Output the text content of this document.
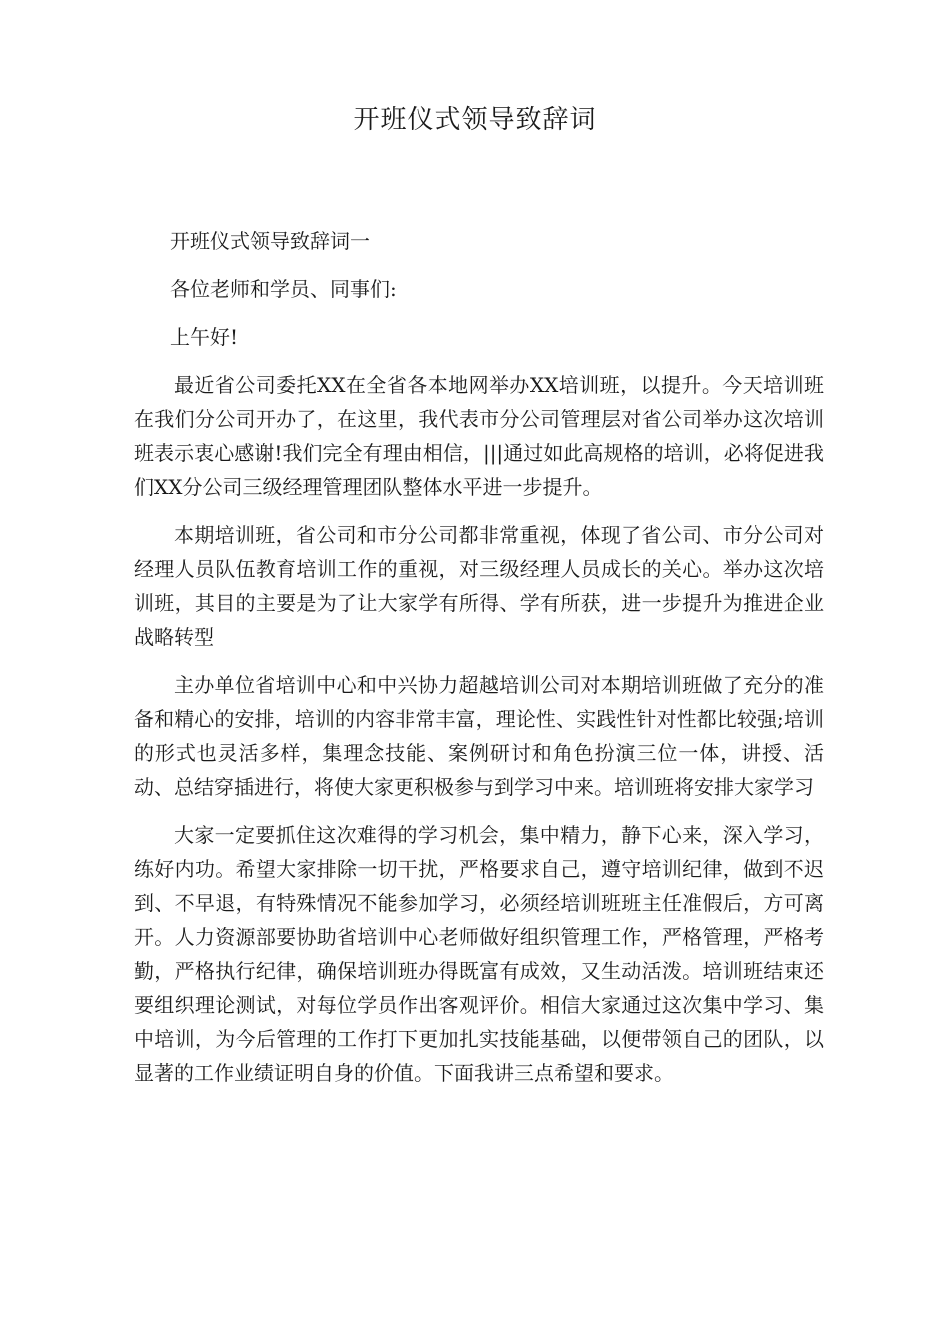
开班仪式领导致辞词

开班仪式领导致辞词一

各位老师和学员、同事们:

上午好!

最近省公司委托XX在全省各本地网举办XX培训班，以提升。今天培训班在我们分公司开办了，在这里，我代表市分公司管理层对省公司举办这次培训班表示衷心感谢!我们完全有理由相信，|||通过如此高规格的培训，必将促进我们XX分公司三级经理管理团队整体水平进一步提升。

本期培训班，省公司和市分公司都非常重视，体现了省公司、市分公司对经理人员队伍教育培训工作的重视，对三级经理人员成长的关心。举办这次培训班，其目的主要是为了让大家学有所得、学有所获，进一步提升为推进企业战略转型

主办单位省培训中心和中兴协力超越培训公司对本期培训班做了充分的准备和精心的安排，培训的内容非常丰富，理论性、实践性针对性都比较强;培训的形式也灵活多样，集理念技能、案例研讨和角色扮演三位一体，讲授、活动、总结穿插进行，将使大家更积极参与到学习中来。培训班将安排大家学习

大家一定要抓住这次难得的学习机会，集中精力，静下心来，深入学习，练好内功。希望大家排除一切干扰，严格要求自己，遵守培训纪律，做到不迟到、不早退，有特殊情况不能参加学习，必须经培训班班主任准假后，方可离开。人力资源部要协助省培训中心老师做好组织管理工作，严格管理，严格考勤，严格执行纪律，确保培训班办得既富有成效，又生动活泼。培训班结束还要组织理论测试，对每位学员作出客观评价。相信大家通过这次集中学习、集中培训，为今后管理的工作打下更加扎实技能基础，以便带领自己的团队，以显著的工作业绩证明自身的价值。下面我讲三点希望和要求。
